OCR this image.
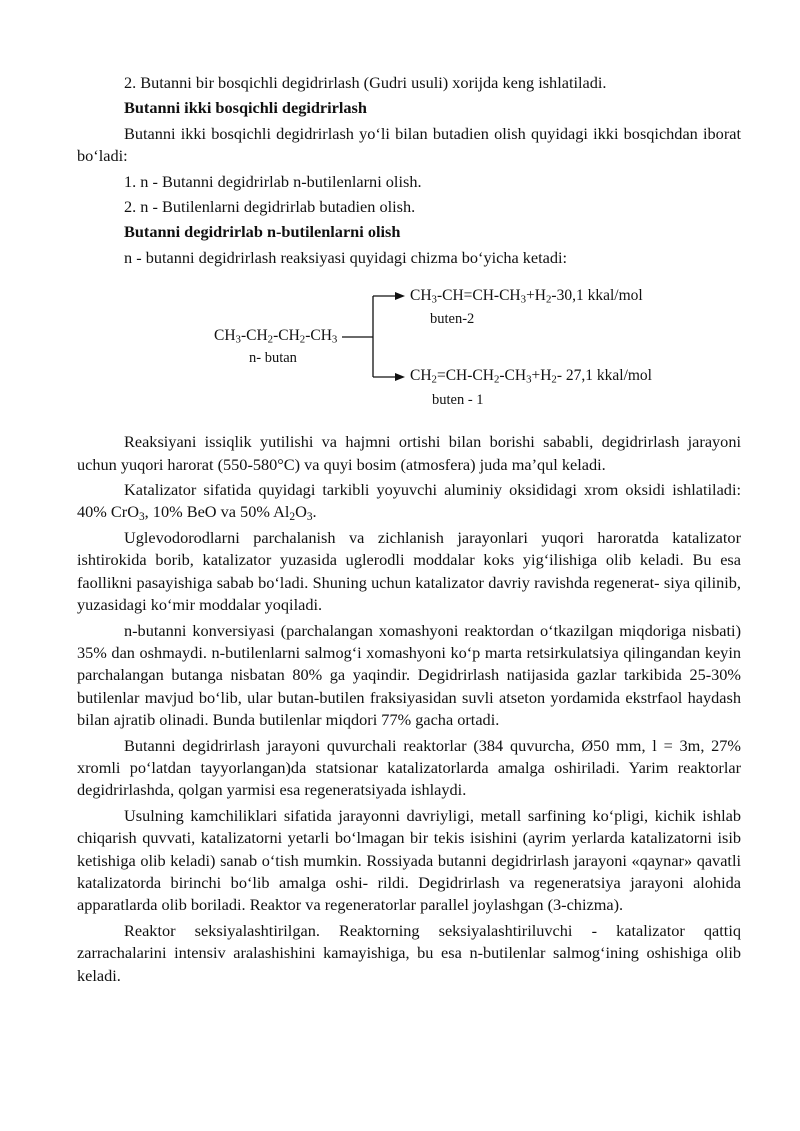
2. Butanni bir bosqichli degidrirlash (Gudri usuli) xorijda keng ishlatiladi.

Butanni ikki bosqichli degidrirlash

Butanni ikki bosqichli degidrirlash yo‘li bilan butadien olish quyidagi ikki bosqichdan iborat bo‘ladi:

1. n - Butanni degidrirlab n-butilenlarni olish.

2. n - Butilenlarni degidrirlab butadien olish.

Butanni degidrirlab n-butilenlarni olish

n - butanni degidrirlash reaksiyasi quyidagi chizma bo‘yicha ketadi:

$CH_3-CH_2-CH_2-CH_3$
n- butan
$CH_3-CH=CH-CH_3+H_2-30,1$ kkal/mol
buten-2
$CH_2=CH-CH_2-CH_3+H_2-$ 27,1 kkal/mol
buten - 1

Reaksiyani issiqlik yutilishi va hajmni ortishi bilan borishi sababli, degidrirlash jarayoni uchun yuqori harorat (550-580°C) va quyi bosim (atmosfera) juda ma’qul keladi.

Katalizator sifatida quyidagi tarkibli yoyuvchi aluminiy oksididagi xrom oksidi ishlatiladi: 40% CrO$_3$, 10% BeO va 50% $Al_2O_3$.

Uglevodorodlarni parchalanish va zichlanish jarayonlari yuqori haroratda katalizator ishtirokida borib, katalizator yuzasida uglerodli moddalar koks yig‘ilishiga olib keladi. Bu esa faollikni pasayishiga sabab bo‘ladi. Shuning uchun katalizator davriy ravishda regenerat- siya qilinib, yuzasidagi ko‘mir moddalar yoqiladi.

n-butanni konversiyasi (parchalangan xomashyoni reaktordan o‘tkazilgan miqdoriga nisbati) 35% dan oshmaydi. n-butilenlarni salmog‘i xomashyoni ko‘p marta retsirkulatsiya qilingandan keyin parchalangan butanga nisbatan 80% ga yaqindir. Degidrirlash natijasida gazlar tarkibida 25-30% butilenlar mavjud bo‘lib, ular butan-butilen fraksiyasidan suvli atseton yordamida ekstrfaol haydash bilan ajratib olinadi. Bunda butilenlar miqdori 77% gacha ortadi.

Butanni degidrirlash jarayoni quvurchali reaktorlar (384 quvurcha, Ø50 mm, l = 3m, 27% xromli po‘latdan tayyorlangan)da statsionar katalizatorlarda amalga oshiriladi. Yarim reaktorlar degidrirlashda, qolgan yarmisi esa regeneratsiyada ishlaydi.

Usulning kamchiliklari sifatida jarayonni davriyligi, metall sarfining ko‘pligi, kichik ishlab chiqarish quvvati, katalizatorni yetarli bo‘lmagan bir tekis isishini (ayrim yerlarda katalizatorni isib ketishiga olib keladi) sanab o‘tish mumkin. Rossiyada butanni degidrirlash jarayoni «qaynar» qavatli katalizatorda birinchi bo‘lib amalga oshi- rildi. Degidrirlash va regeneratsiya jarayoni alohida apparatlarda olib boriladi. Reaktor va regeneratorlar parallel joylashgan (3-chizma).

Reaktor seksiyalashtirilgan. Reaktorning seksiyalashtiriluvchi - katalizator qattiq zarrachalarini intensiv aralashishini kamayishiga, bu esa n-butilenlar salmog‘ining oshishiga olib keladi.
